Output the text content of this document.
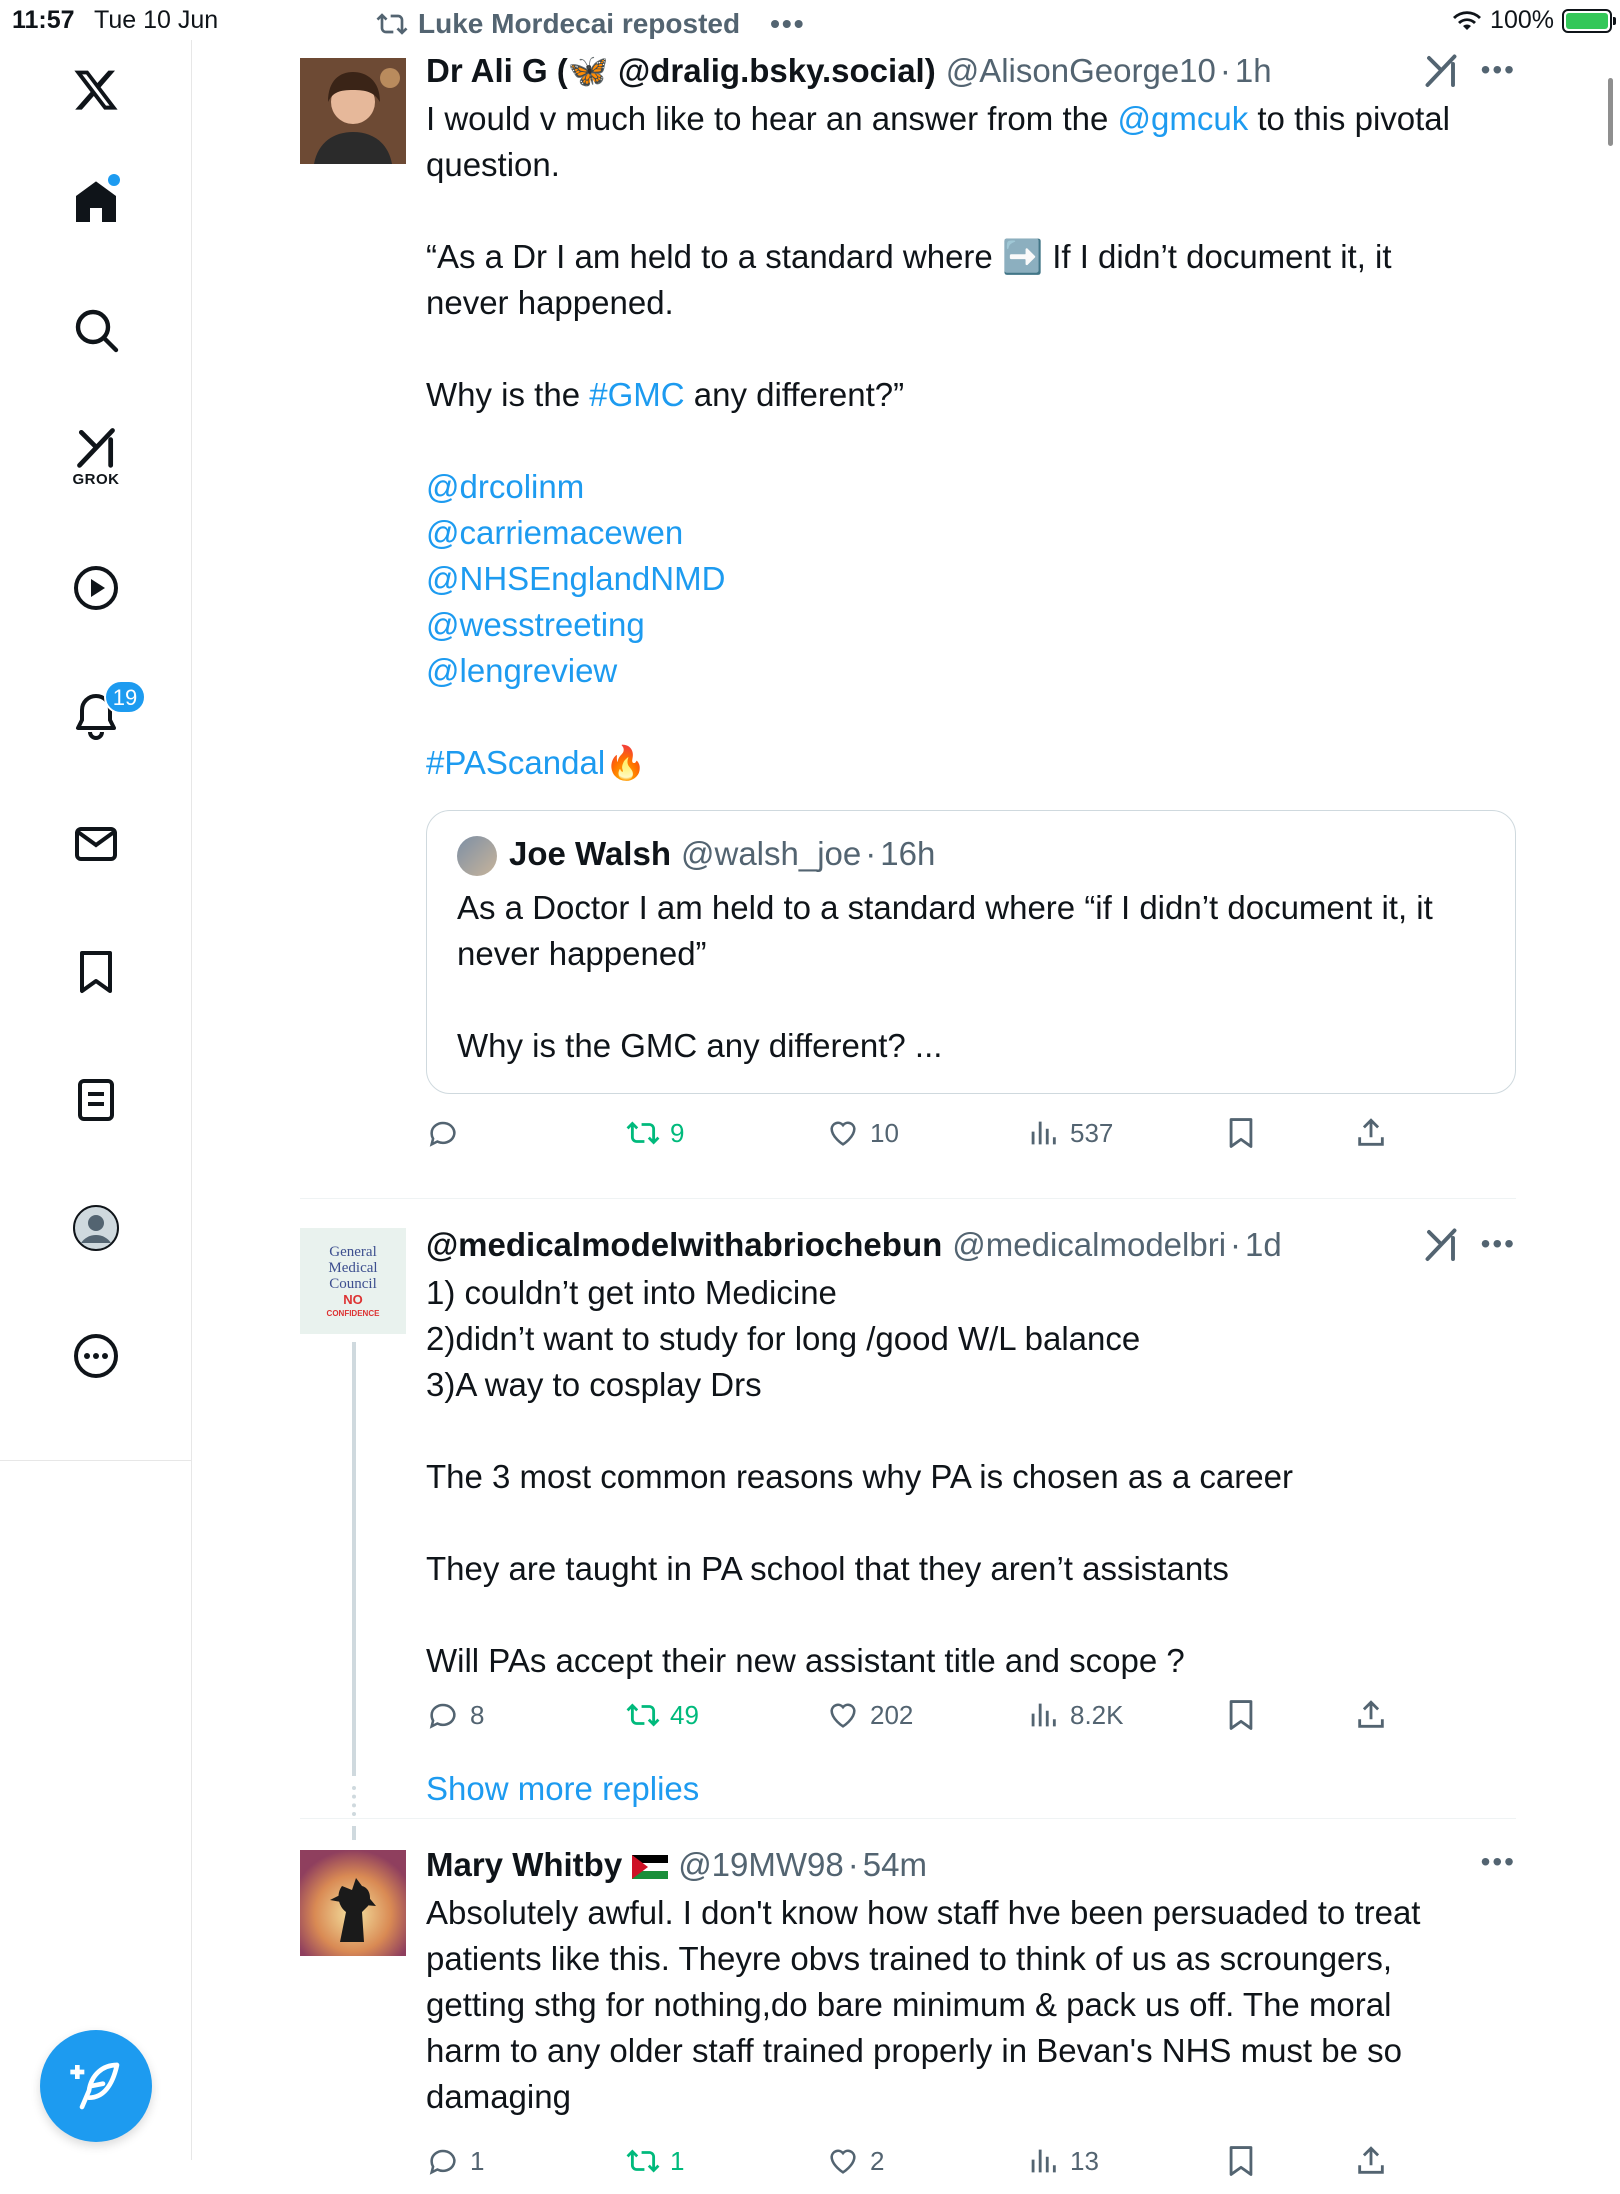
11:57 Tue 10 Jun	100%
GROK
19
Luke Mordecai reposted •••
Dr Ali G (🦋 @dralig.bsky.social) @AlisonGeorge10 · 1h	•••
I would v much like to hear an answer from the @gmcuk to this pivotal
question.
“As a Dr I am held to a standard where ➡️ If I didn’t document it, it
never happened.
Why is the #GMC any different?”
@drcolinm
@carriemacewen
@NHSEnglandNMD
@wesstreeting
@lengreview
#PAScandal🔥
Joe Walsh @walsh_joe · 16h
As a Doctor I am held to a standard where “if I didn’t document it, it
never happened”
Why is the GMC any different? ...
9	10	537
General
Medical
Council
NO
CONFIDENCE
@medicalmodelwithabriochebun @medicalmodelbri · 1d	•••
1) couldn’t get into Medicine
2)didn’t want to study for long /good W/L balance
3)A way to cosplay Drs
The 3 most common reasons why PA is chosen as a career
They are taught in PA school that they aren’t assistants
Will PAs accept their new assistant title and scope ?
8	49	202	8.2K
Show more replies
Mary Whitby @19MW98 · 54m	•••
Absolutely awful. I don't know how staff hve been persuaded to treat
patients like this. Theyre obvs trained to think of us as scroungers,
getting sthg for nothing,do bare minimum & pack us off. The moral
harm to any older staff trained properly in Bevan's NHS must be so
damaging
1	1	2	13
